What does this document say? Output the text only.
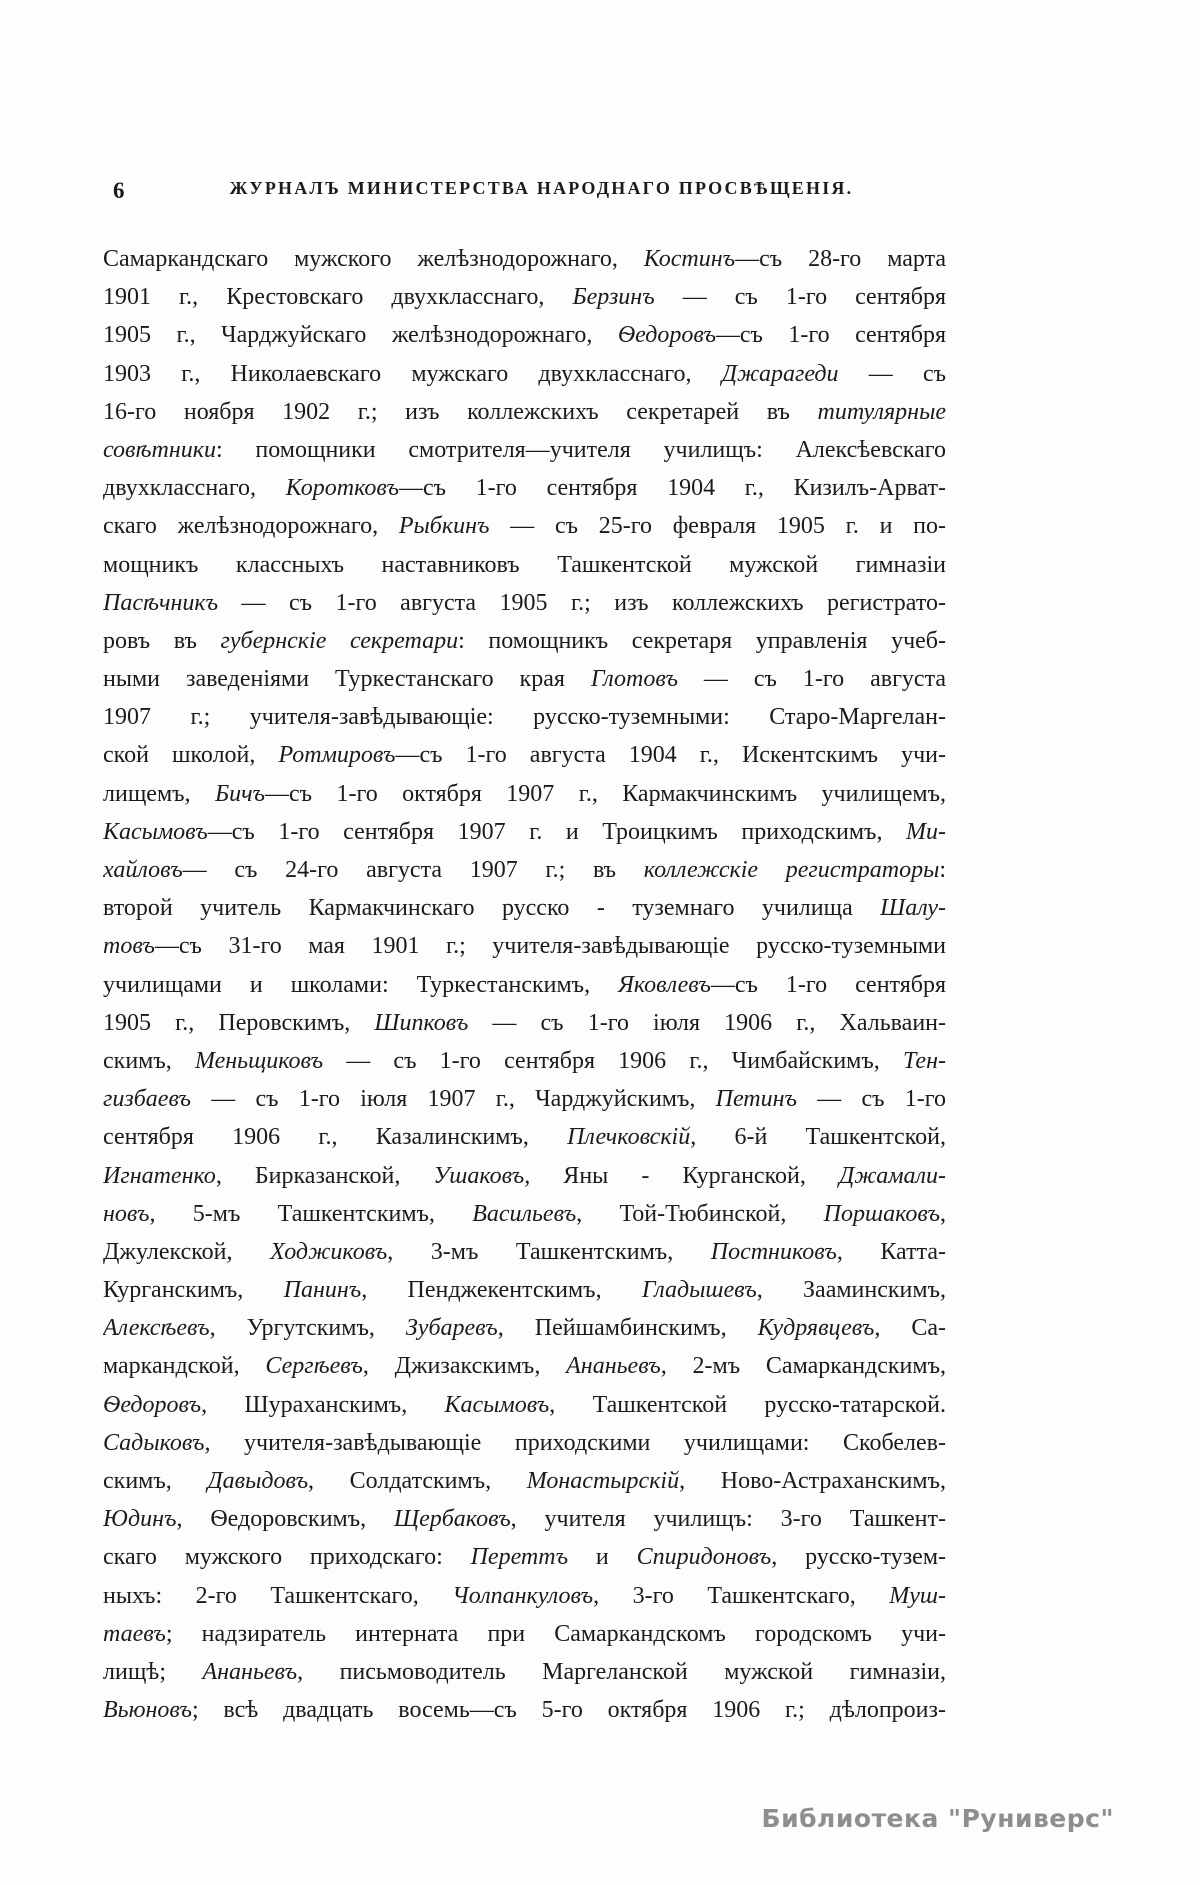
6	ЖУРНАЛЪ МИНИСТЕРСТВА НАРОДНАГО ПРОСВѢЩЕНІЯ.
Самаркандскаго мужского желѣзнодорожнаго, Костинъ—съ 28-го марта
1901 г., Крестовскаго двухкласснаго, Берзинъ — съ 1-го сентября
1905 г., Чарджуйскаго желѣзнодорожнаго, Ѳедоровъ—съ 1-го сентября
1903 г., Николаевскаго мужскаго двухкласснаго, Джарагеди — съ
16-го ноября 1902 г.; изъ коллежскихъ секретарей въ титулярные
совѣтники: помощники смотрителя—учителя училищъ: Алексѣевскаго
двухкласснаго, Коротковъ—съ 1-го сентября 1904 г., Кизилъ-Арват-
скаго желѣзнодорожнаго, Рыбкинъ — съ 25-го февраля 1905 г. и по-
мощникъ классныхъ наставниковъ Ташкентской мужской гимназіи
Пасѣчникъ — съ 1-го августа 1905 г.; изъ коллежскихъ регистрато-
ровъ въ губернскіе секретари: помощникъ секретаря управленія учеб-
ными заведеніями Туркестанскаго края Глотовъ — съ 1-го августа
1907 г.; учителя-завѣдывающіе: русско-туземными: Старо-Маргелан-
ской школой, Ротмировъ—съ 1-го августа 1904 г., Искентскимъ учи-
лищемъ, Бичъ—съ 1-го октября 1907 г., Кармакчинскимъ училищемъ,
Касымовъ—съ 1-го сентября 1907 г. и Троицкимъ приходскимъ, Ми-
хайловъ— съ 24-го августа 1907 г.; въ коллежскіе регистраторы:
второй учитель Кармакчинскаго русско - туземнаго училища Шалу-
товъ—съ 31-го мая 1901 г.; учителя-завѣдывающіе русско-туземными
училищами и школами: Туркестанскимъ, Яковлевъ—съ 1-го сентября
1905 г., Перовскимъ, Шипковъ — съ 1-го іюля 1906 г., Хальваин-
скимъ, Меньщиковъ — съ 1-го сентября 1906 г., Чимбайскимъ, Тен-
гизбаевъ — съ 1-го іюля 1907 г., Чарджуйскимъ, Петинъ — съ 1-го
сентября 1906 г., Казалинскимъ, Плечковскій, 6-й Ташкентской,
Игнатенко, Бирказанской, Ушаковъ, Яны - Курганской, Джамали-
новъ, 5-мъ Ташкентскимъ, Васильевъ, Той-Тюбинской, Поршаковъ,
Джулекской, Ходжиковъ, 3-мъ Ташкентскимъ, Постниковъ, Катта-
Курганскимъ, Панинъ, Пенджекентскимъ, Гладышевъ, Зааминскимъ,
Алексѣевъ, Ургутскимъ, Зубаревъ, Пейшамбинскимъ, Кудрявцевъ, Са-
маркандской, Сергѣевъ, Джизакскимъ, Ананьевъ, 2-мъ Самаркандскимъ,
Ѳедоровъ, Шураханскимъ, Касымовъ, Ташкентской русско-татарской.
Садыковъ, учителя-завѣдывающіе приходскими училищами: Скобелев-
скимъ, Давыдовъ, Солдатскимъ, Монастырскій, Ново-Астраханскимъ,
Юдинъ, Ѳедоровскимъ, Щербаковъ, учителя училищъ: 3-го Ташкент-
скаго мужского приходскаго: Переттъ и Спиридоновъ, русско-тузем-
ныхъ: 2-го Ташкентскаго, Чолпанкуловъ, 3-го Ташкентскаго, Муш-
таевъ; надзиратель интерната при Самаркандскомъ городскомъ учи-
лищѣ; Ананьевъ, письмоводитель Маргеланской мужской гимназіи,
Вьюновъ; всѣ двадцать восемь—съ 5-го октября 1906 г.; дѣлопроиз-
Библиотека "Руниверс"
